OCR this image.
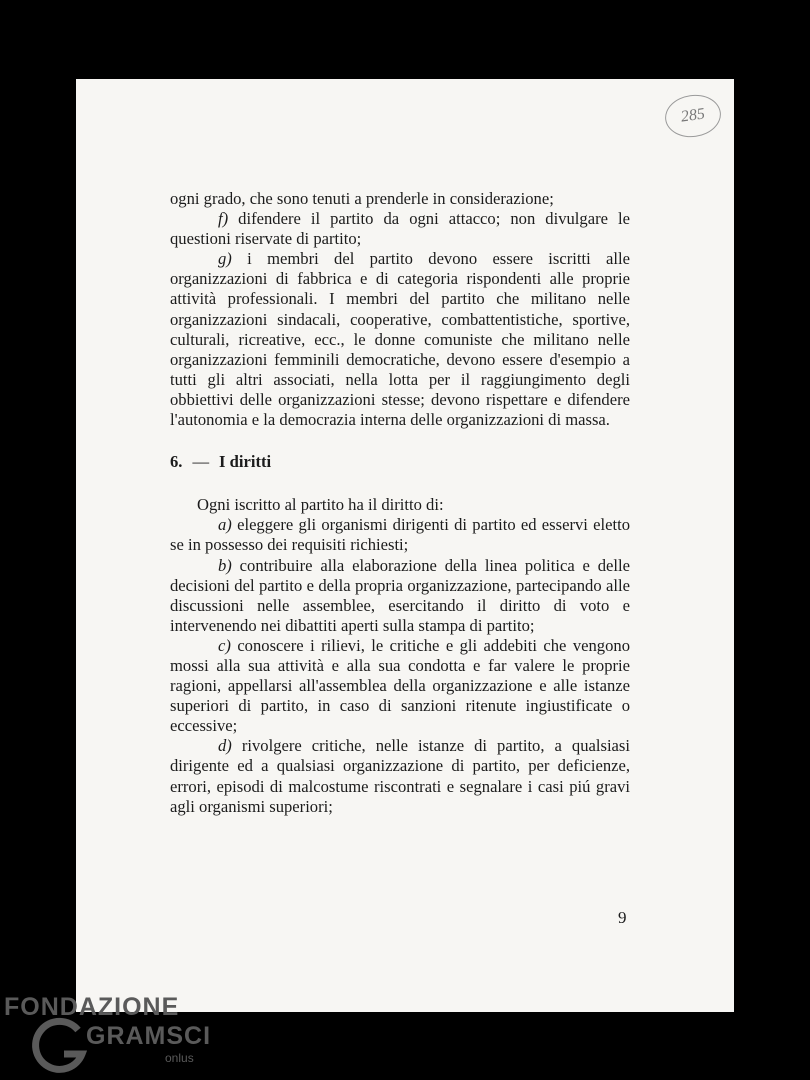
285

ogni grado, che sono tenuti a prenderle in considerazione;

f) difendere il partito da ogni attacco; non divulgare le questioni riservate di partito;

g) i membri del partito devono essere iscritti alle organizzazioni di fabbrica e di categoria rispondenti alle proprie attività professionali. I membri del partito che militano nelle organizzazioni sindacali, cooperative, combattentistiche, sportive, culturali, ricreative, ecc., le donne comuniste che militano nelle organizzazioni femminili democratiche, devono essere d'esempio a tutti gli altri associati, nella lotta per il raggiungimento degli obbiettivi delle organizzazioni stesse; devono rispettare e difendere l'autonomia e la democrazia interna delle organizzazioni di massa.

6. — I diritti

Ogni iscritto al partito ha il diritto di:

a) eleggere gli organismi dirigenti di partito ed esservi eletto se in possesso dei requisiti richiesti;

b) contribuire alla elaborazione della linea politica e delle decisioni del partito e della propria organizzazione, partecipando alle discussioni nelle assemblee, esercitando il diritto di voto e intervenendo nei dibattiti aperti sulla stampa di partito;

c) conoscere i rilievi, le critiche e gli addebiti che vengono mossi alla sua attività e alla sua condotta e far valere le proprie ragioni, appellarsi all'assemblea della organizzazione e alle istanze superiori di partito, in caso di sanzioni ritenute ingiustificate o eccessive;

d) rivolgere critiche, nelle istanze di partito, a qualsiasi dirigente ed a qualsiasi organizzazione di partito, per deficienze, errori, episodi di malcostume riscontrati e segnalare i casi piú gravi agli organismi superiori;

9
FONDAZIONE
GRAMSCI
onlus
